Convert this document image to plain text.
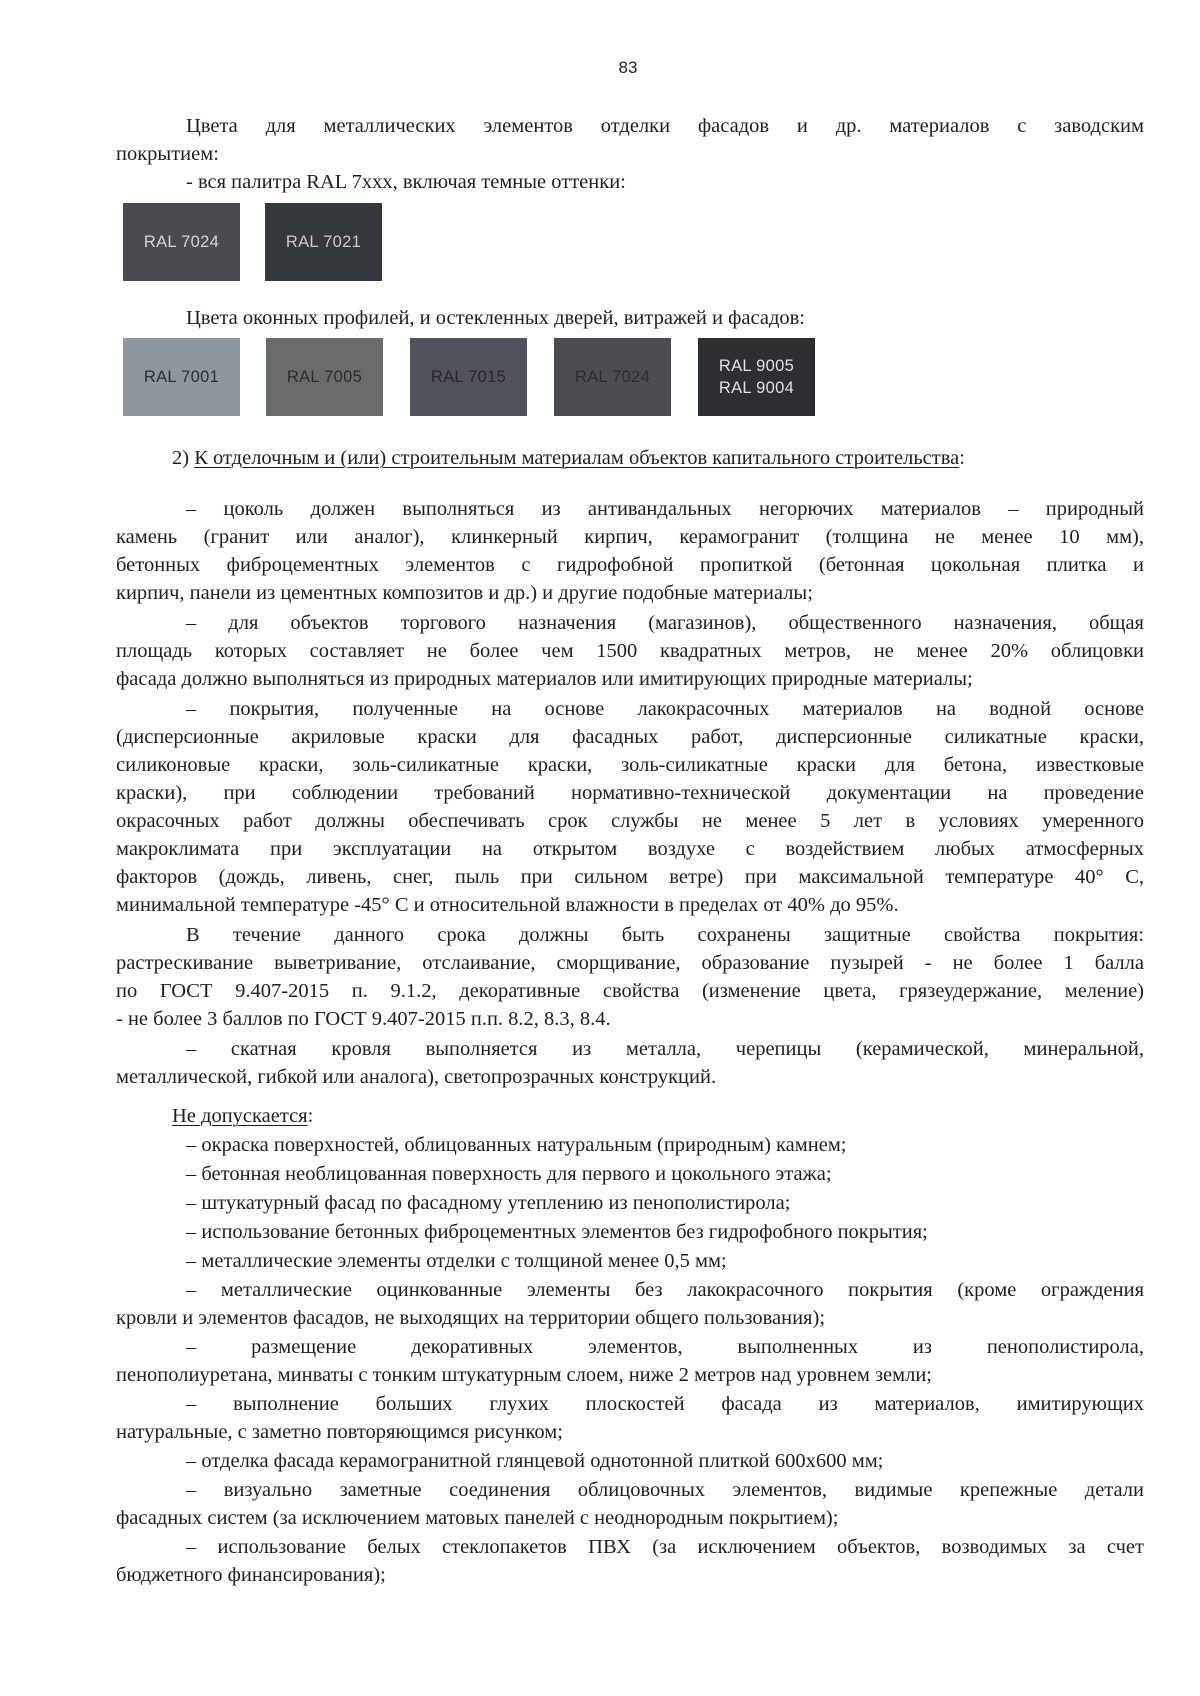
83
Цвета для металлических элементов отделки фасадов и др. материалов с заводским
покрытием:
- вся палитра RAL 7ххх, включая темные оттенки:
RAL 7024	RAL 7021
Цвета оконных профилей, и остекленных дверей, витражей и фасадов:
RAL 7001	RAL 7005	RAL 7015	RAL 7024
RAL 9005
RAL 9004
2) К отделочным и (или) строительным материалам объектов капитального строительства:
– цоколь должен выполняться из антивандальных негорючих материалов – природный
камень (гранит или аналог), клинкерный кирпич, керамогранит (толщина не менее 10 мм),
бетонных фиброцементных элементов с гидрофобной пропиткой (бетонная цокольная плитка и
кирпич, панели из цементных композитов и др.) и другие подобные материалы;
– для объектов торгового назначения (магазинов), общественного назначения, общая
площадь которых составляет не более чем 1500 квадратных метров, не менее 20% облицовки
фасада должно выполняться из природных материалов или имитирующих природные материалы;
– покрытия, полученные на основе лакокрасочных материалов на водной основе
(дисперсионные акриловые краски для фасадных работ, дисперсионные силикатные краски,
силиконовые краски, золь-силикатные краски, золь-силикатные краски для бетона, известковые
краски), при соблюдении требований нормативно-технической документации на проведение
окрасочных работ должны обеспечивать срок службы не менее 5 лет в условиях умеренного
макроклимата при эксплуатации на открытом воздухе с воздействием любых атмосферных
факторов (дождь, ливень, снег, пыль при сильном ветре) при максимальной температуре 40° С,
минимальной температуре -45° С и относительной влажности в пределах от 40% до 95%.
В течение данного срока должны быть сохранены защитные свойства покрытия:
растрескивание выветривание, отслаивание, сморщивание, образование пузырей - не более 1 балла
по ГОСТ 9.407-2015 п. 9.1.2, декоративные свойства (изменение цвета, грязеудержание, меление)
- не более 3 баллов по ГОСТ 9.407-2015 п.п. 8.2, 8.3, 8.4.
– скатная кровля выполняется из металла, черепицы (керамической, минеральной,
металлической, гибкой или аналога), светопрозрачных конструкций.
Не допускается:
– окраска поверхностей, облицованных натуральным (природным) камнем;
– бетонная необлицованная поверхность для первого и цокольного этажа;
– штукатурный фасад по фасадному утеплению из пенополистирола;
– использование бетонных фиброцементных элементов без гидрофобного покрытия;
– металлические элементы отделки с толщиной менее 0,5 мм;
– металлические оцинкованные элементы без лакокрасочного покрытия (кроме ограждения
кровли и элементов фасадов, не выходящих на территории общего пользования);
– размещение декоративных элементов, выполненных из пенополистирола,
пенополиуретана, минваты с тонким штукатурным слоем, ниже 2 метров над уровнем земли;
– выполнение больших глухих плоскостей фасада из материалов, имитирующих
натуральные, с заметно повторяющимся рисунком;
– отделка фасада керамогранитной глянцевой однотонной плиткой 600х600 мм;
– визуально заметные соединения облицовочных элементов, видимые крепежные детали
фасадных систем (за исключением матовых панелей с неоднородным покрытием);
– использование белых стеклопакетов ПВХ (за исключением объектов, возводимых за счет
бюджетного финансирования);
